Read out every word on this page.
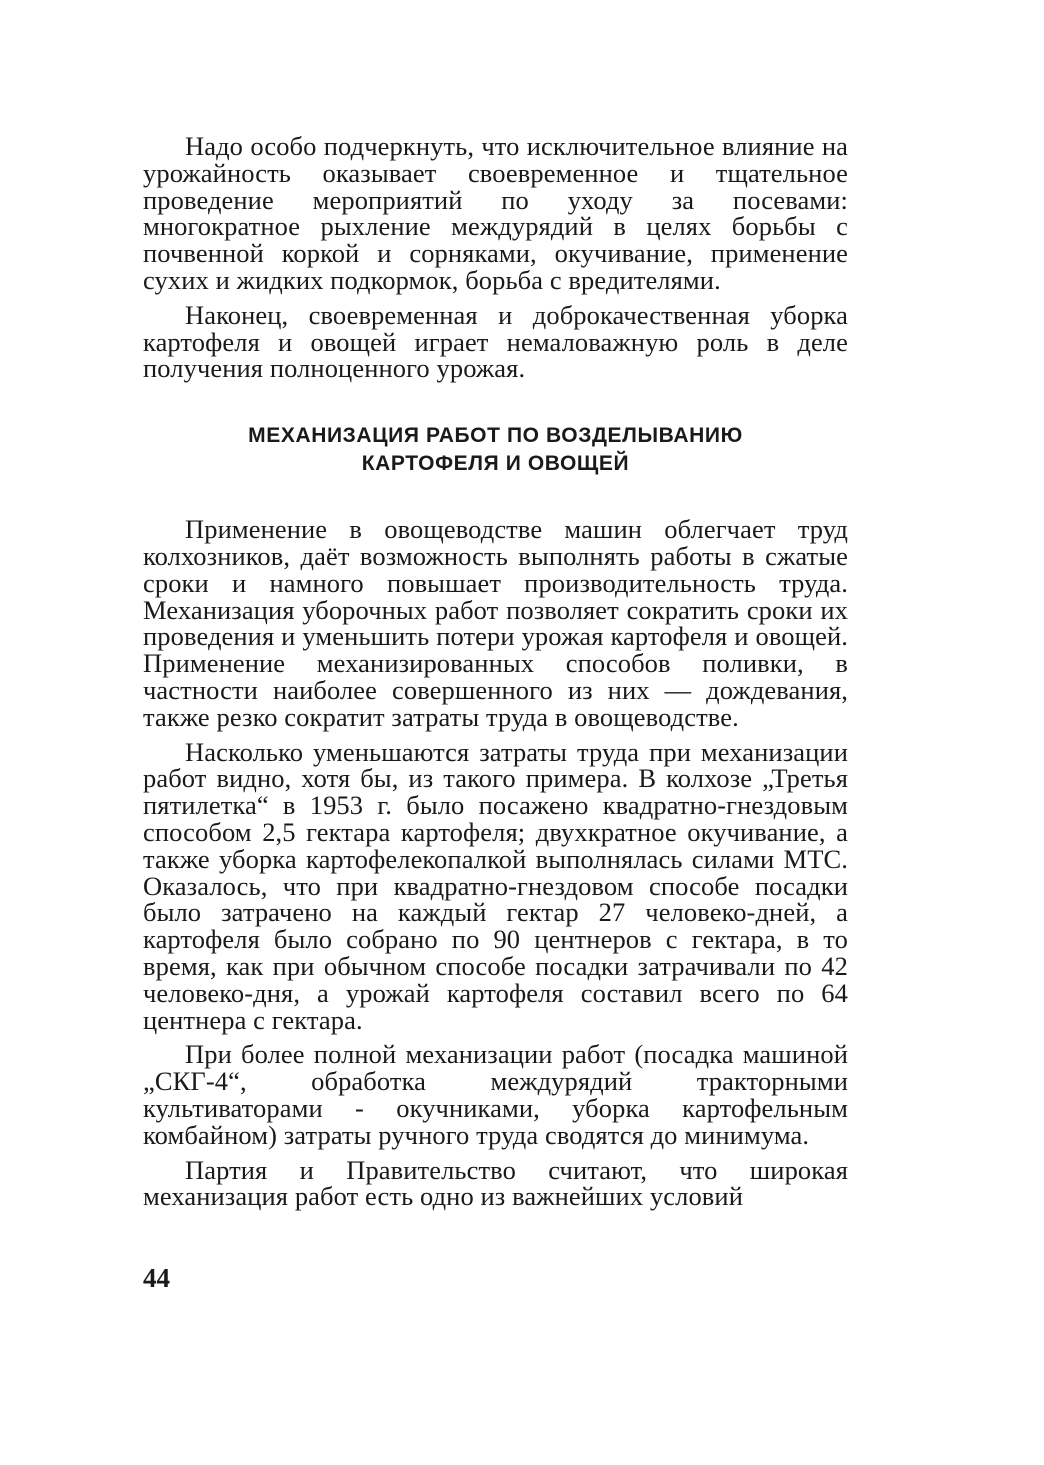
Надо особо подчеркнуть, что исключительное влияние на урожайность оказывает своевременное и тщательное проведение мероприятий по уходу за посевами: многократное рыхление междурядий в целях борьбы с почвенной коркой и сорняками, окучивание, применение сухих и жидких подкормок, борьба с вредителями.

Наконец, своевременная и доброкачественная уборка картофеля и овощей играет немаловажную роль в деле получения полноценного урожая.

МЕХАНИЗАЦИЯ РАБОТ ПО ВОЗДЕЛЫВАНИЮ
КАРТОФЕЛЯ И ОВОЩЕЙ

Применение в овощеводстве машин облегчает труд колхозников, даёт возможность выполнять работы в сжатые сроки и намного повышает производительность труда. Механизация уборочных работ позволяет сократить сроки их проведения и уменьшить потери урожая картофеля и овощей. Применение механизированных способов поливки, в частности наиболее совершенного из них — дождевания, также резко сократит затраты труда в овощеводстве.

Насколько уменьшаются затраты труда при механизации работ видно, хотя бы, из такого примера. В колхозе „Третья пятилетка“ в 1953 г. было посажено квадратно-гнездовым способом 2,5 гектара картофеля; двухкратное окучивание, а также уборка картофелекопалкой выполнялась силами МТС. Оказалось, что при квадратно-гнездовом способе посадки было затрачено на каждый гектар 27 человеко-дней, а картофеля было собрано по 90 центнеров с гектара, в то время, как при обычном способе посадки затрачивали по 42 человеко-дня, а урожай картофеля составил всего по 64 центнера с гектара.

При более полной механизации работ (посадка машиной „СКГ-4“, обработка междурядий тракторными культиваторами - окучниками, уборка картофельным комбайном) затраты ручного труда сводятся до минимума.

Партия и Правительство считают, что широкая механизация работ есть одно из важнейших условий

44
